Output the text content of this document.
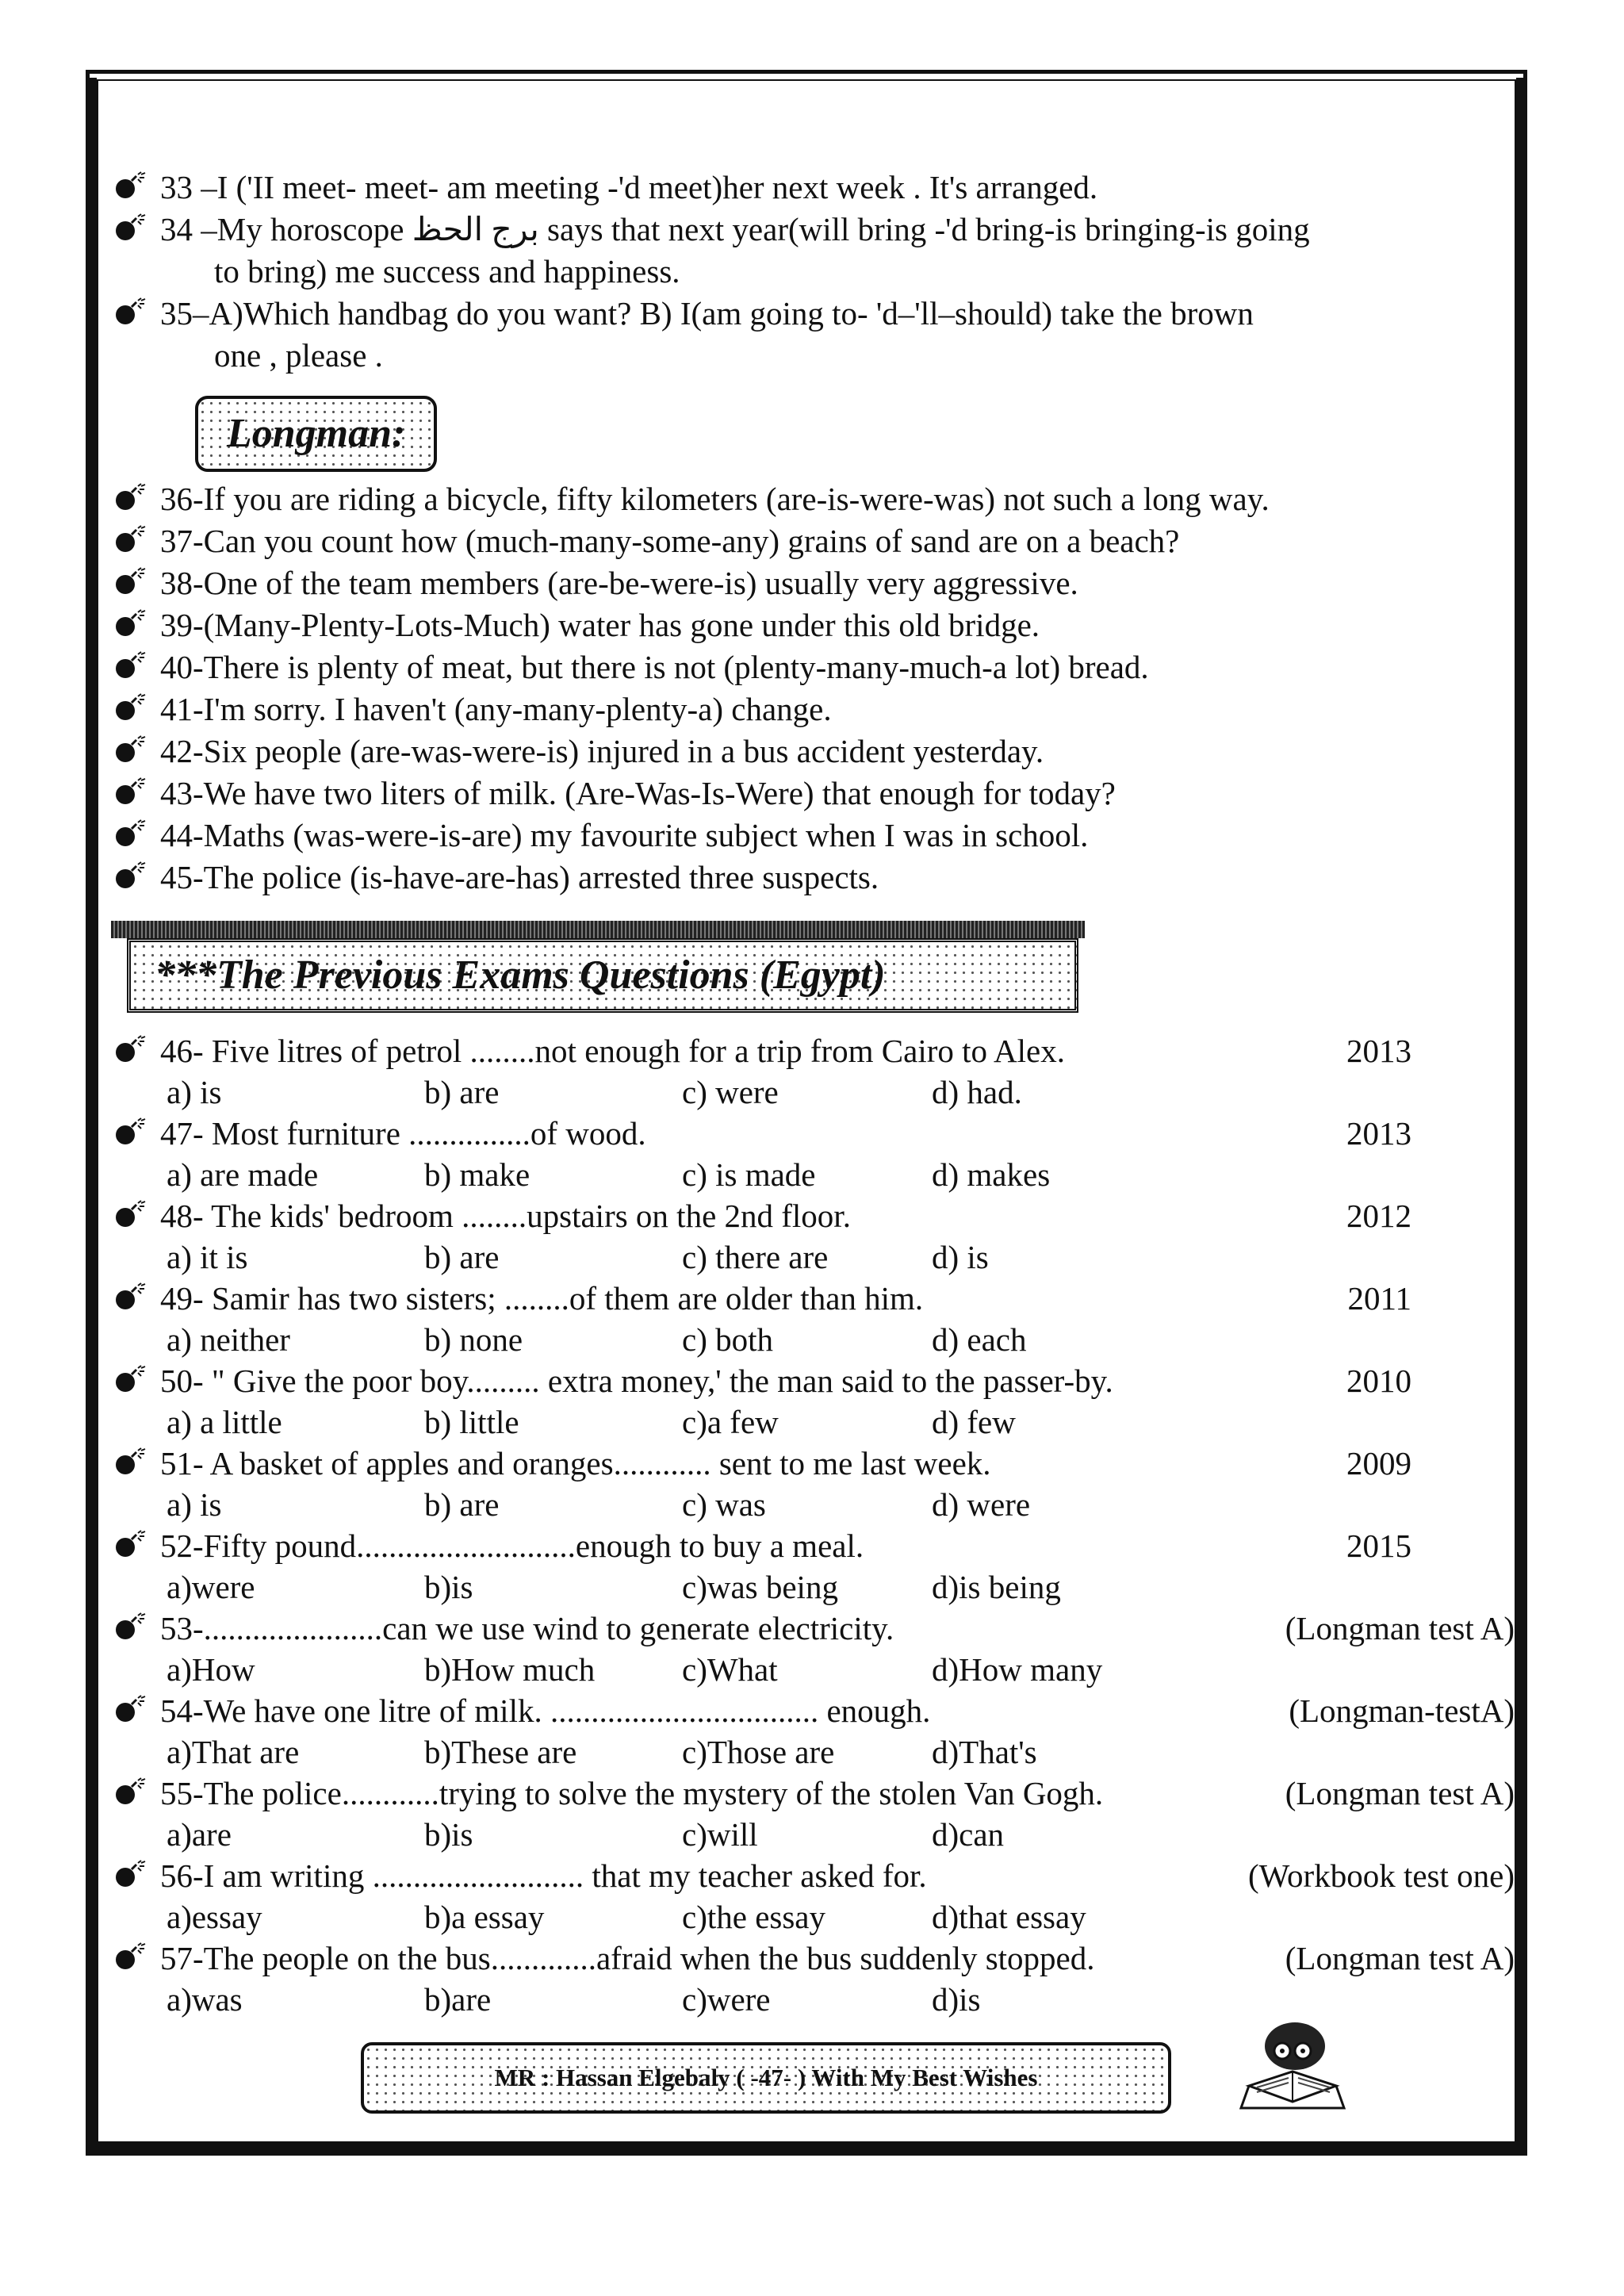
33 –I ('II meet- meet- am meeting -'d meet)her next week . It's arranged.
34 –My horoscope برج الحظ says that next year(will bring -'d bring-is bringing-is going
to bring) me success and happiness.
35–A)Which handbag do you want? B) I(am going to- 'd–'ll–should) take the brown
one , please .
Longman:
36-If you are riding a bicycle, fifty kilometers (are-is-were-was) not such a long way.
37-Can you count how (much-many-some-any) grains of sand are on a beach?
38-One of the team members (are-be-were-is) usually very aggressive.
39-(Many-Plenty-Lots-Much) water has gone under this old bridge.
40-There is plenty of meat, but there is not (plenty-many-much-a lot) bread.
41-I'm sorry. I haven't (any-many-plenty-a) change.
42-Six people (are-was-were-is) injured in a bus accident yesterday.
43-We have two liters of milk. (Are-Was-Is-Were) that enough for today?
44-Maths (was-were-is-are) my favourite subject when I was in school.
45-The police (is-have-are-has) arrested three suspects.
***The Previous Exams Questions (Egypt)
46- Five litres of petrol ........not enough for a trip from Cairo to Alex.	2013
a) is	b) are	c) were	d) had.
47- Most furniture ...............of wood.	2013
a) are made	b) make	c) is made	d) makes
48- The kids' bedroom ........upstairs on the 2nd floor.	2012
a) it is	b) are	c) there are	d) is
49- Samir has two sisters; ........of them are older than him.	2011
a) neither	b) none	c) both	d) each
50- " Give the poor boy......... extra money,' the man said to the passer-by.	2010
a) a little	b) little	c)a few	d) few
51- A basket of apples and oranges............ sent to me last week.	2009
a) is	b) are	c) was	d) were
52-Fifty pound...........................enough to buy a meal.	2015
a)were	b)is	c)was being	d)is being
53-......................can we use wind to generate electricity.	(Longman test A)
a)How	b)How much	c)What	d)How many
54-We have one litre of milk. ................................. enough.	(Longman-testA)
a)That are	b)These are	c)Those are	d)That's
55-The police............trying to solve the mystery of the stolen Van Gogh.	(Longman test A)
a)are	b)is	c)will	d)can
56-I am writing .......................... that my teacher asked for.	(Workbook test one)
a)essay	b)a essay	c)the essay	d)that essay
57-The people on the bus.............afraid when the bus suddenly stopped.	(Longman test A)
a)was	b)are	c)were	d)is
MR : Hassan Elgebaly ( -47- ) With My Best Wishes
